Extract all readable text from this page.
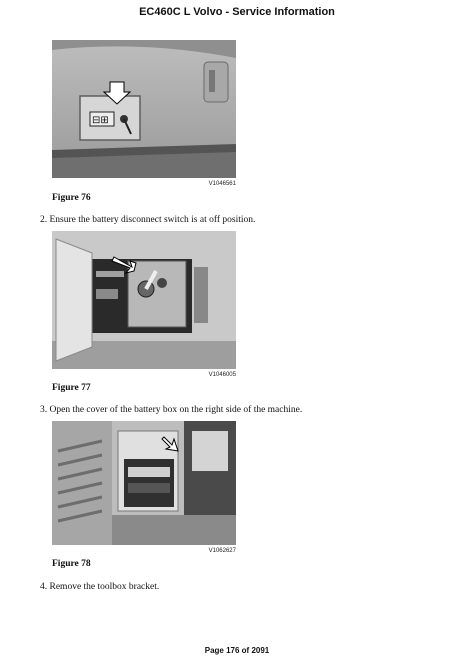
EC460C L Volvo - Service Information
⊟⊞
V1046561
Figure 76
2. Ensure the battery disconnect switch is at off position.
V1046005
Figure 77
3. Open the cover of the battery box on the right side of the machine.
V1062627
Figure 78
4. Remove the toolbox bracket.
Page 176 of 2091
